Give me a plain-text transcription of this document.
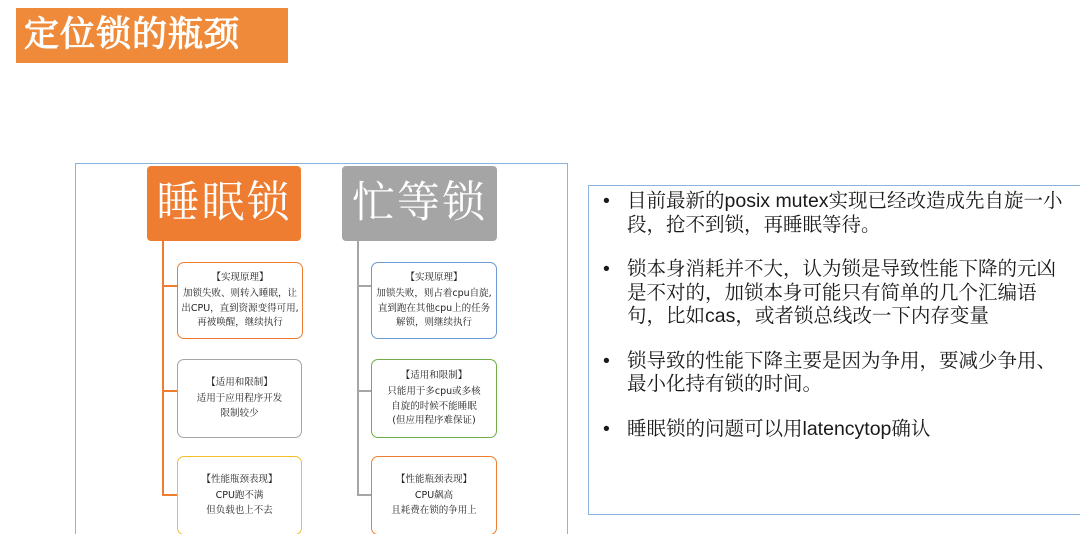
定位锁的瓶颈
睡眠锁 忙等锁
【实现原理】
加锁失败、则转入睡眠，让
出CPU，直到资源变得可用,
再被唤醒，继续执行
【适用和限制】
适用于应用程序开发
限制较少
【性能瓶颈表现】
CPU跑不满
但负载也上不去
【实现原理】
加锁失败，则占着cpu自旋,
直到跑在其他cpu上的任务
解锁，则继续执行
【适用和限制】
只能用于多cpu或多核
自旋的时候不能睡眠
(但应用程序难保证)
【性能瓶颈表现】
CPU飙高
且耗费在锁的争用上
• 目前最新的posix mutex实现已经改造成先自旋一小段，抢不到锁，再睡眠等待。
• 锁本身消耗并不大，认为锁是导致性能下降的元凶是不对的，加锁本身可能只有简单的几个汇编语句，比如cas，或者锁总线改一下内存变量
• 锁导致的性能下降主要是因为争用，要减少争用、最小化持有锁的时间。
• 睡眠锁的问题可以用latencytop确认
